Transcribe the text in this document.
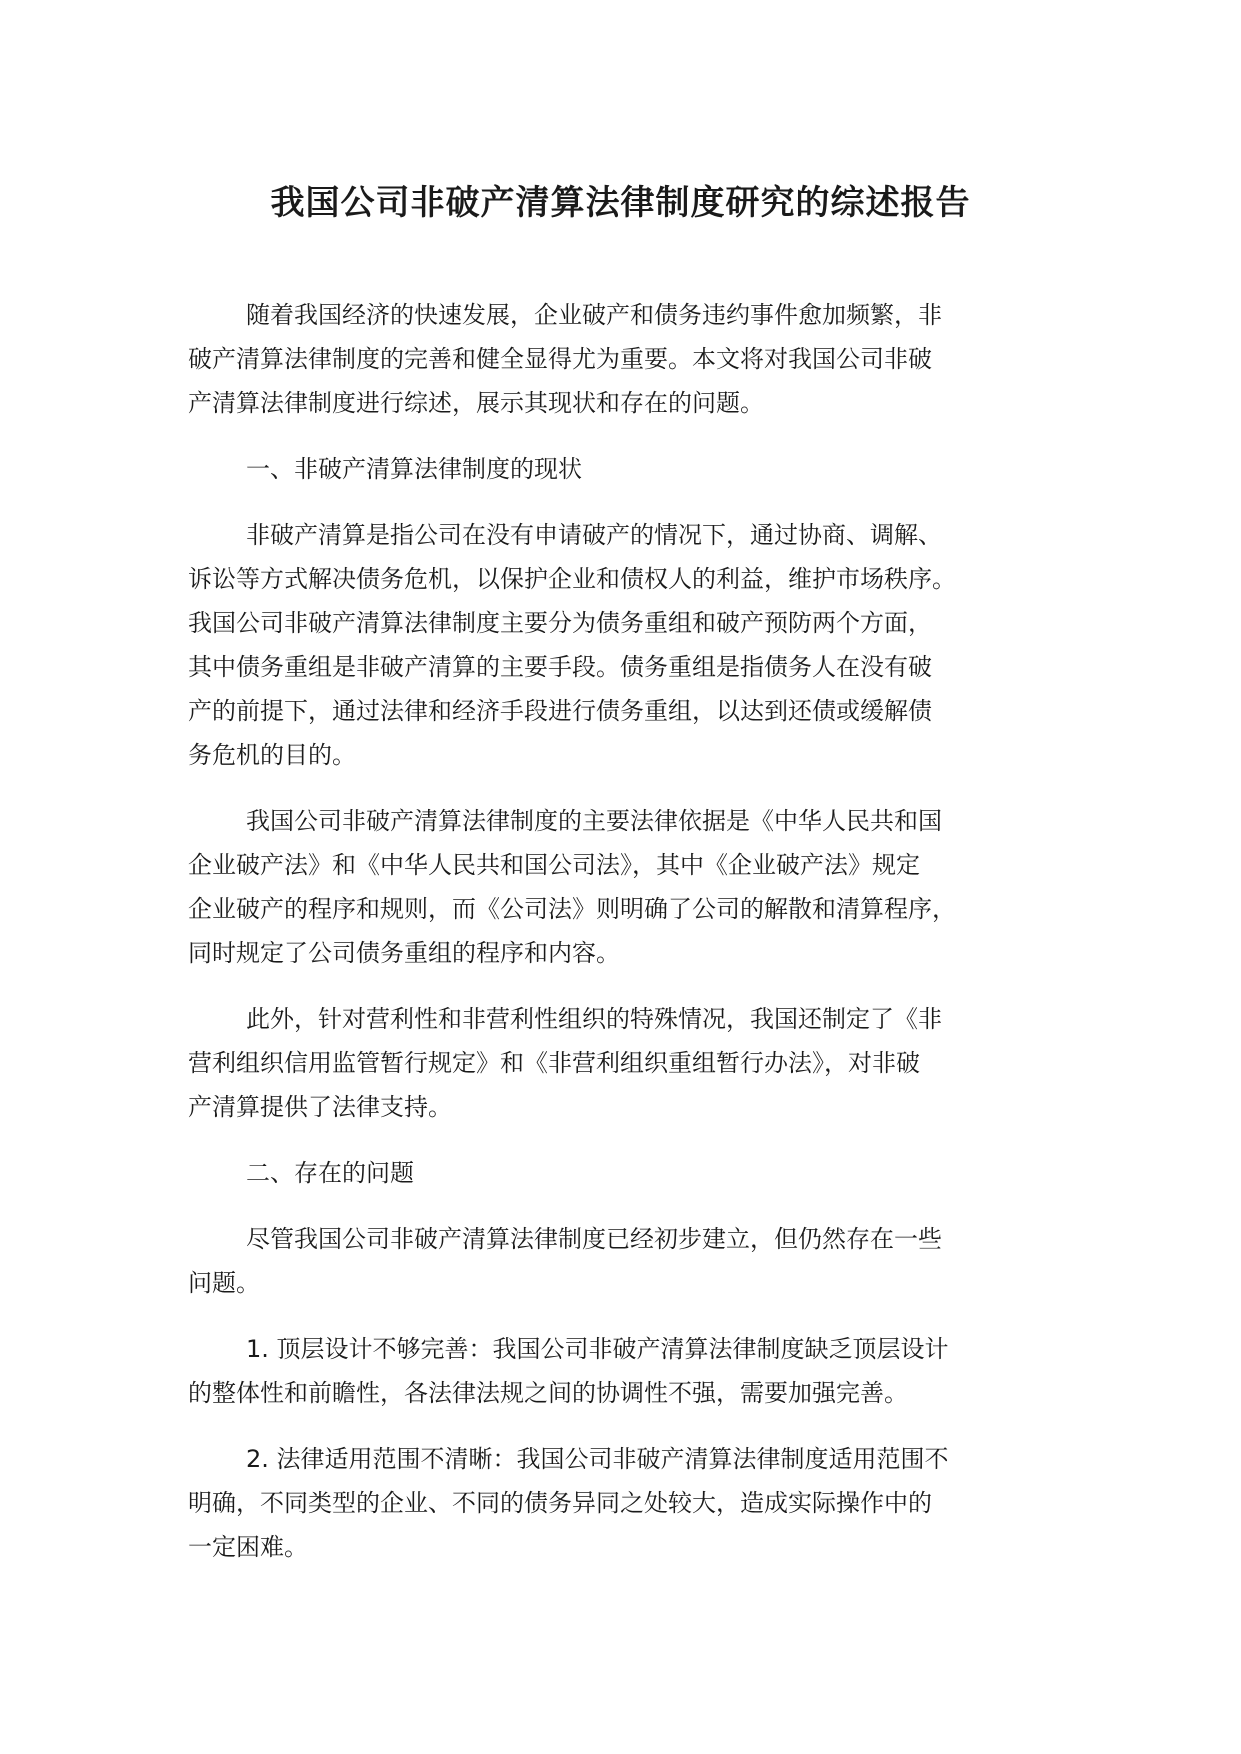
我国公司非破产清算法律制度研究的综述报告

随着我国经济的快速发展，企业破产和债务违约事件愈加频繁，非
破产清算法律制度的完善和健全显得尤为重要。本文将对我国公司非破
产清算法律制度进行综述，展示其现状和存在的问题。

一、非破产清算法律制度的现状

非破产清算是指公司在没有申请破产的情况下，通过协商、调解、
诉讼等方式解决债务危机，以保护企业和债权人的利益，维护市场秩序。
我国公司非破产清算法律制度主要分为债务重组和破产预防两个方面，
其中债务重组是非破产清算的主要手段。债务重组是指债务人在没有破
产的前提下，通过法律和经济手段进行债务重组，以达到还债或缓解债
务危机的目的。

我国公司非破产清算法律制度的主要法律依据是《中华人民共和国
企业破产法》和《中华人民共和国公司法》，其中《企业破产法》规定
企业破产的程序和规则，而《公司法》则明确了公司的解散和清算程序，
同时规定了公司债务重组的程序和内容。

此外，针对营利性和非营利性组织的特殊情况，我国还制定了《非
营利组织信用监管暂行规定》和《非营利组织重组暂行办法》，对非破
产清算提供了法律支持。

二、存在的问题

尽管我国公司非破产清算法律制度已经初步建立，但仍然存在一些
问题。

1. 顶层设计不够完善：我国公司非破产清算法律制度缺乏顶层设计
的整体性和前瞻性，各法律法规之间的协调性不强，需要加强完善。

2. 法律适用范围不清晰：我国公司非破产清算法律制度适用范围不
明确，不同类型的企业、不同的债务异同之处较大，造成实际操作中的
一定困难。
